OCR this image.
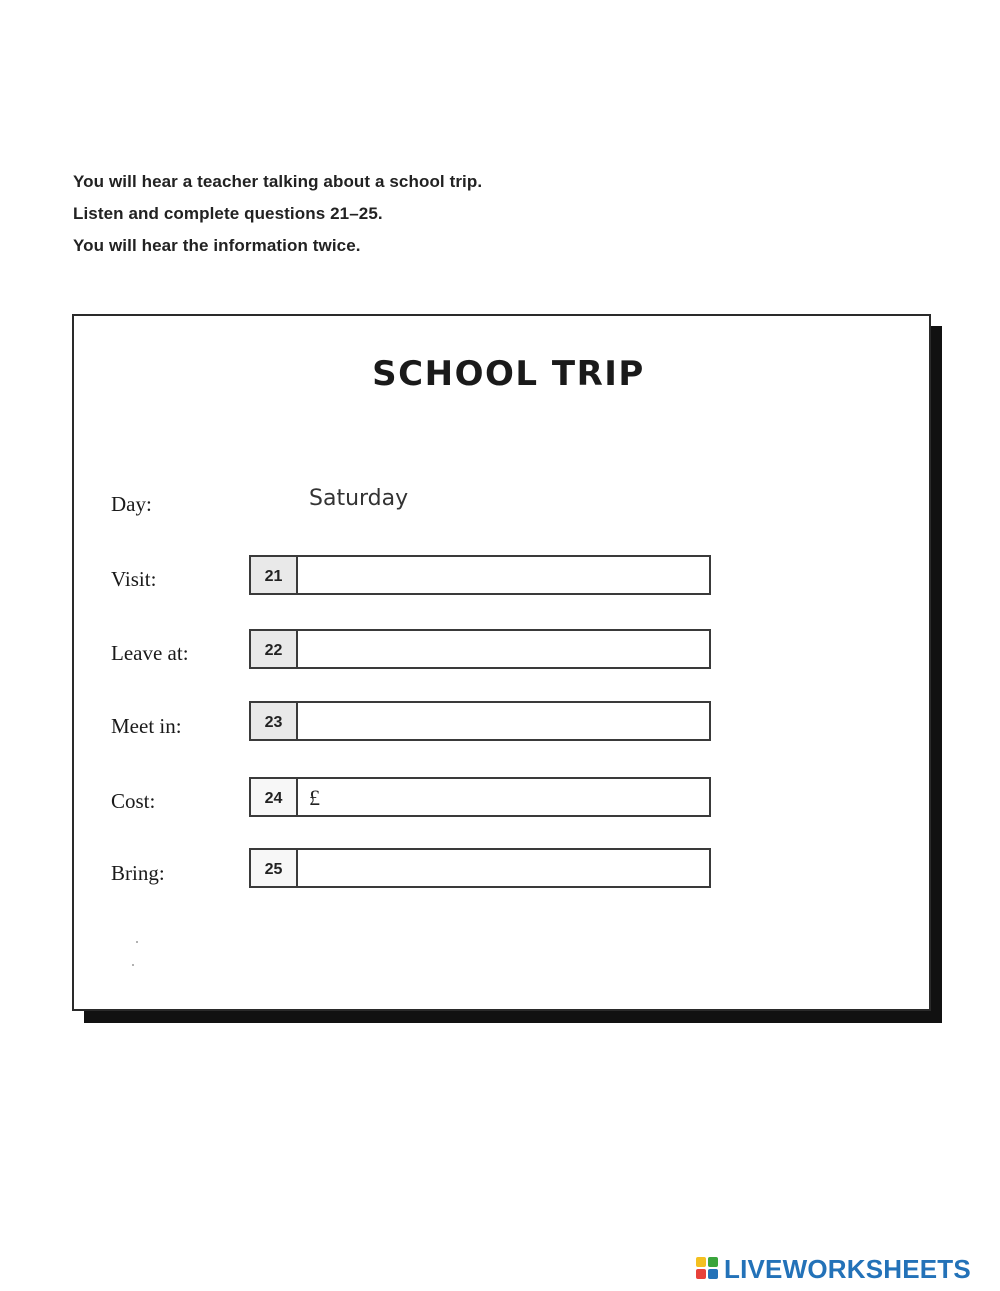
You will hear a teacher talking about a school trip.
Listen and complete questions 21–25.
You will hear the information twice.
SCHOOL TRIP
Day:	Saturday
Visit:	21
Leave at:	22
Meet in:	23
Cost:	24	£
Bring:	25
LIVEWORKSHEETS
